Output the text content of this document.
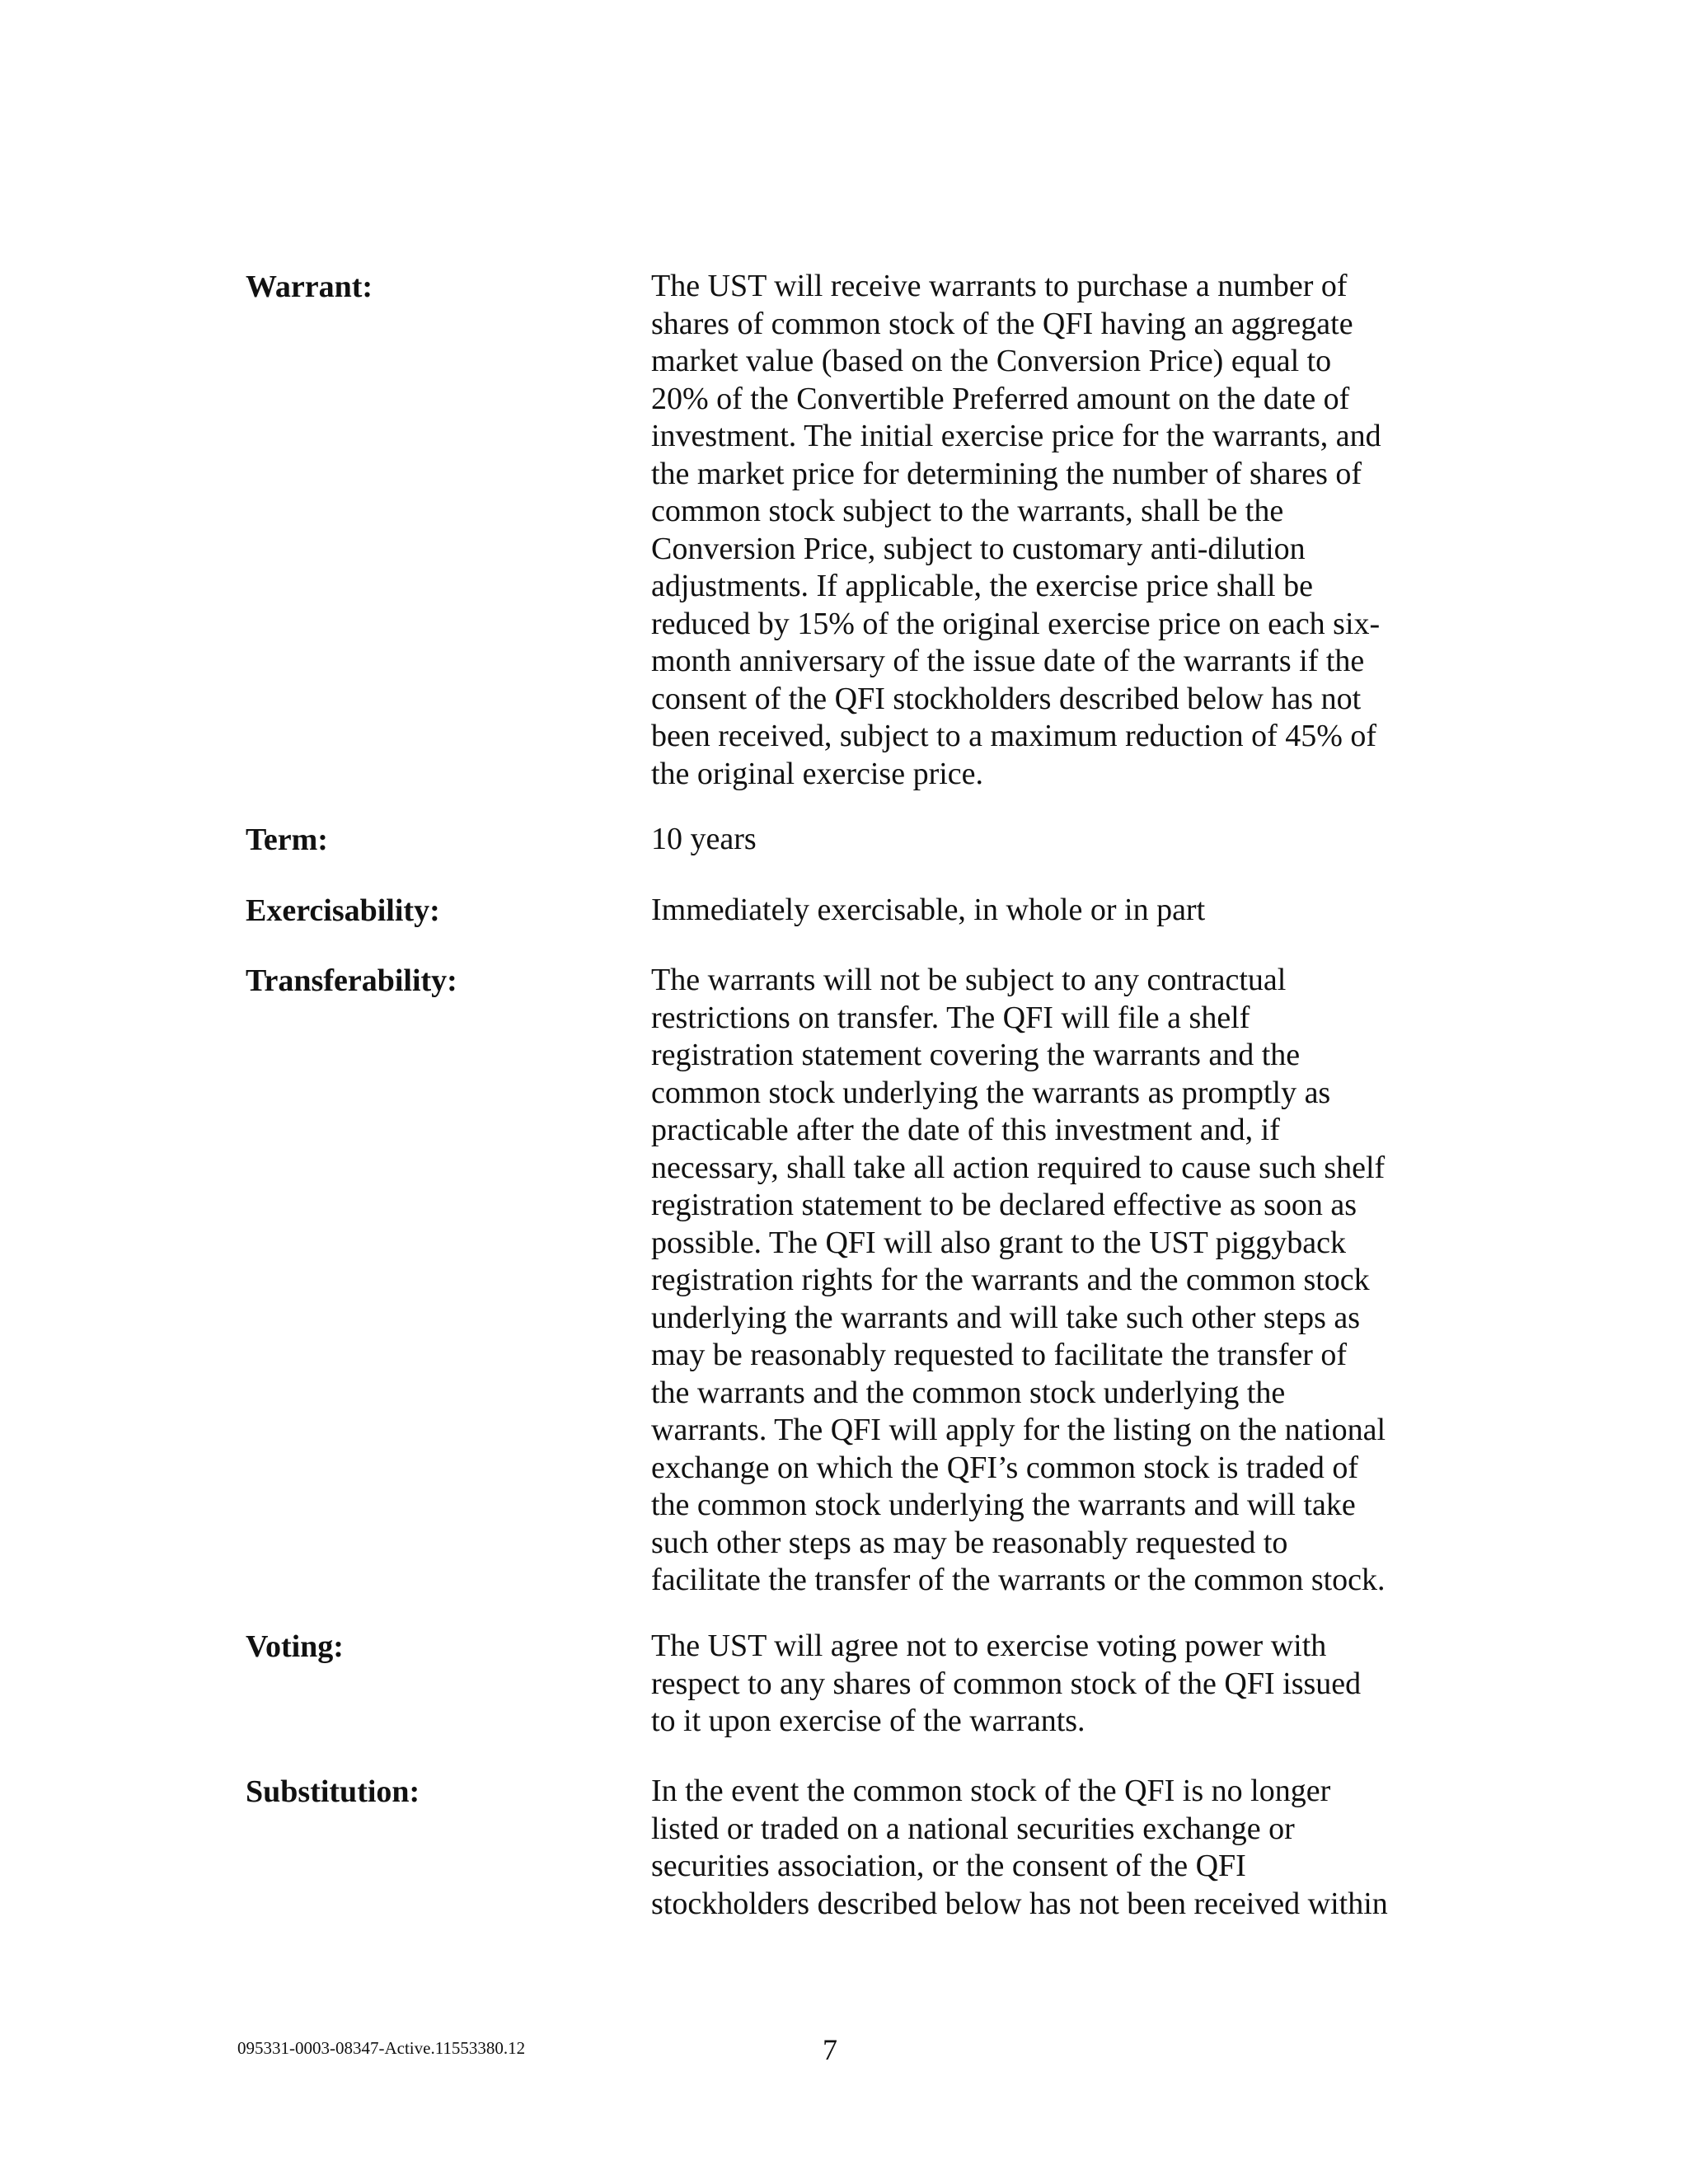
Warrant:	The UST will receive warrants to purchase a number of
shares of common stock of the QFI having an aggregate
market value (based on the Conversion Price) equal to
20% of the Convertible Preferred amount on the date of
investment. The initial exercise price for the warrants, and
the market price for determining the number of shares of
common stock subject to the warrants, shall be the
Conversion Price, subject to customary anti-dilution
adjustments. If applicable, the exercise price shall be
reduced by 15% of the original exercise price on each six-
month anniversary of the issue date of the warrants if the
consent of the QFI stockholders described below has not
been received, subject to a maximum reduction of 45% of
the original exercise price.
Term:	10 years
Exercisability:	Immediately exercisable, in whole or in part
Transferability:	The warrants will not be subject to any contractual
restrictions on transfer. The QFI will file a shelf
registration statement covering the warrants and the
common stock underlying the warrants as promptly as
practicable after the date of this investment and, if
necessary, shall take all action required to cause such shelf
registration statement to be declared effective as soon as
possible. The QFI will also grant to the UST piggyback
registration rights for the warrants and the common stock
underlying the warrants and will take such other steps as
may be reasonably requested to facilitate the transfer of
the warrants and the common stock underlying the
warrants. The QFI will apply for the listing on the national
exchange on which the QFI’s common stock is traded of
the common stock underlying the warrants and will take
such other steps as may be reasonably requested to
facilitate the transfer of the warrants or the common stock.
Voting:	The UST will agree not to exercise voting power with
respect to any shares of common stock of the QFI issued
to it upon exercise of the warrants.
Substitution:	In the event the common stock of the QFI is no longer
listed or traded on a national securities exchange or
securities association, or the consent of the QFI
stockholders described below has not been received within
095331-0003-08347-Active.11553380.12	7
